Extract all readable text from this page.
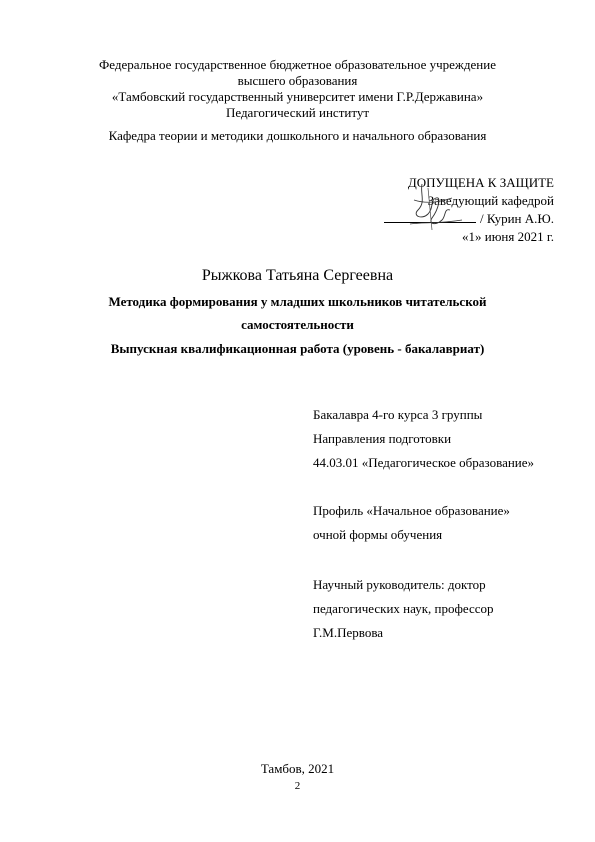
Федеральное государственное бюджетное образовательное учреждение
высшего образования
«Тамбовский государственный университет имени Г.Р.Державина»
Педагогический институт
Кафедра теории и методики дошкольного и начального образования
ДОПУЩЕНА К ЗАЩИТЕ
Заведующий кафедрой
/ Курин А.Ю.
«1» июня 2021 г.
Рыжкова Татьяна Сергеевна
Методика формирования у младших школьников читательской
самостоятельности
Выпускная квалификационная работа (уровень - бакалавриат)
Бакалавра 4-го курса 3 группы
Направления подготовки
44.03.01 «Педагогическое образование»
Профиль «Начальное образование»
очной формы обучения
Научный руководитель: доктор
педагогических наук, профессор
Г.М.Первова
Тамбов, 2021
2
